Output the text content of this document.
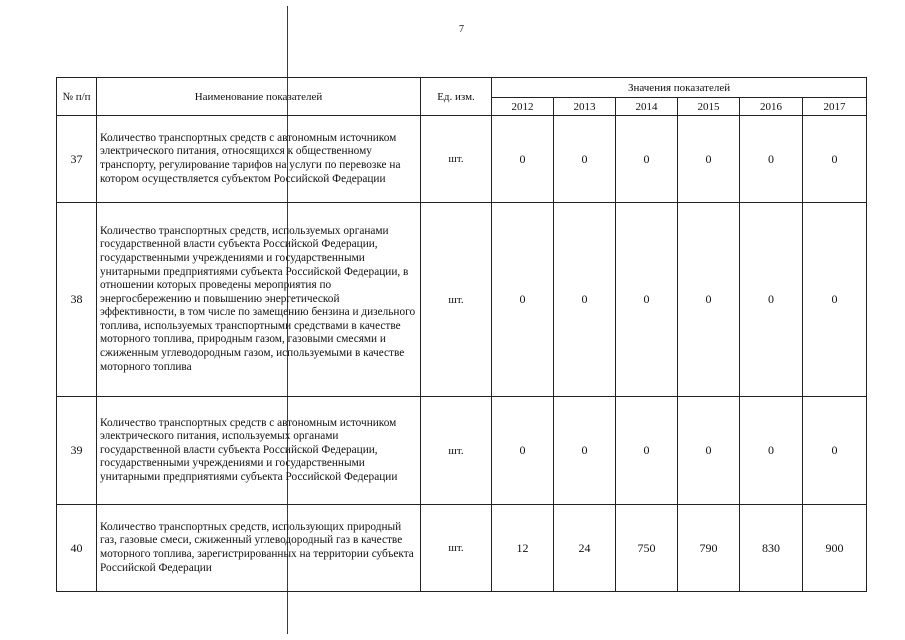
7
№ п/п	Наименование показателей	Ед. изм.	Значения показателей					
			2012	2013	2014	2015	2016	2017
37	Количество транспортных средств с автономным источником электрического питания, относящихся к общественному транспорту, регулирование тарифов на услуги по перевозке на котором осуществляется субъектом Российской Федерации	шт.	0	0	0	0	0	0
38	Количество транспортных средств, используемых органами государственной власти субъекта Российской Федерации, государственными учреждениями и государственными унитарными предприятиями субъекта Российской Федерации, в отношении которых проведены мероприятия по энергосбережению и повышению энергетической эффективности, в том числе по замещению бензина и дизельного топлива, используемых транспортными средствами в качестве моторного топлива, природным газом, газовыми смесями и сжиженным углеводородным газом, используемыми в качестве моторного топлива	шт.	0	0	0	0	0	0
39	Количество транспортных средств с автономным источником электрического питания, используемых органами государственной власти субъекта Российской Федерации, государственными учреждениями и государственными унитарными предприятиями субъекта Российской Федерации	шт.	0	0	0	0	0	0
40	Количество транспортных средств, использующих природный газ, газовые смеси, сжиженный углеводородный газ в качестве моторного топлива, зарегистрированных на территории субъекта Российской Федерации	шт.	12	24	750	790	830	900
